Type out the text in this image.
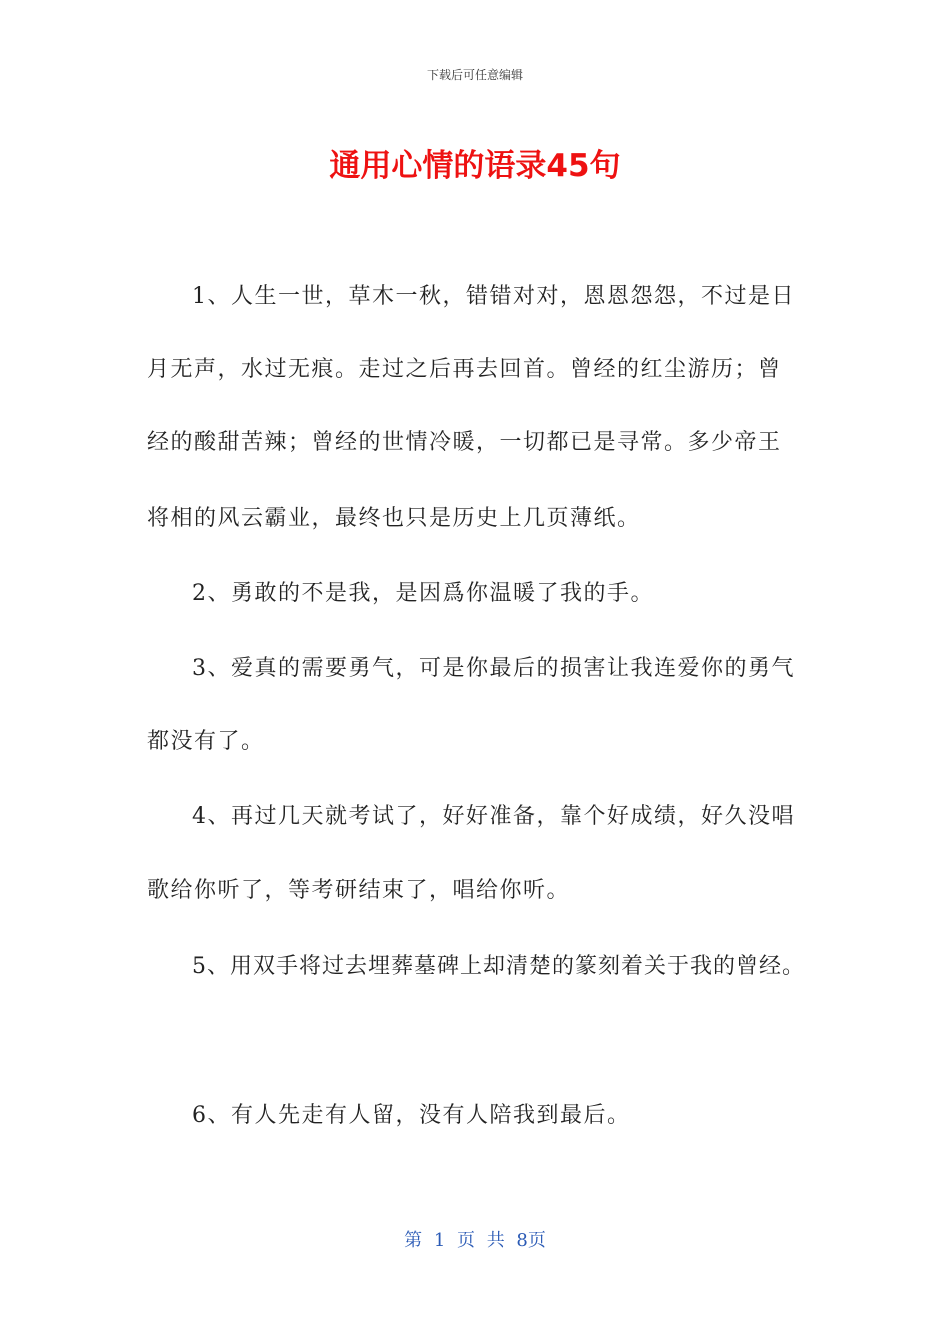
下载后可任意编辑
通用心情的语录45句
1、人生一世，草木一秋，错错对对，恩恩怨怨，不过是日
月无声，水过无痕。走过之后再去回首。曾经的红尘游历；曾
经的酸甜苦辣；曾经的世情冷暖，一切都已是寻常。多少帝王
将相的风云霸业，最终也只是历史上几页薄纸。
2、勇敢的不是我，是因爲你温暖了我的手。
3、爱真的需要勇气，可是你最后的损害让我连爱你的勇气
都没有了。
4、再过几天就考试了，好好准备，靠个好成绩，好久没唱
歌给你听了，等考研结束了，唱给你听。
5、用双手将过去埋葬墓碑上却清楚的篆刻着关于我的曾经。
6、有人先走有人留，没有人陪我到最后。
第 1 页 共 8页
